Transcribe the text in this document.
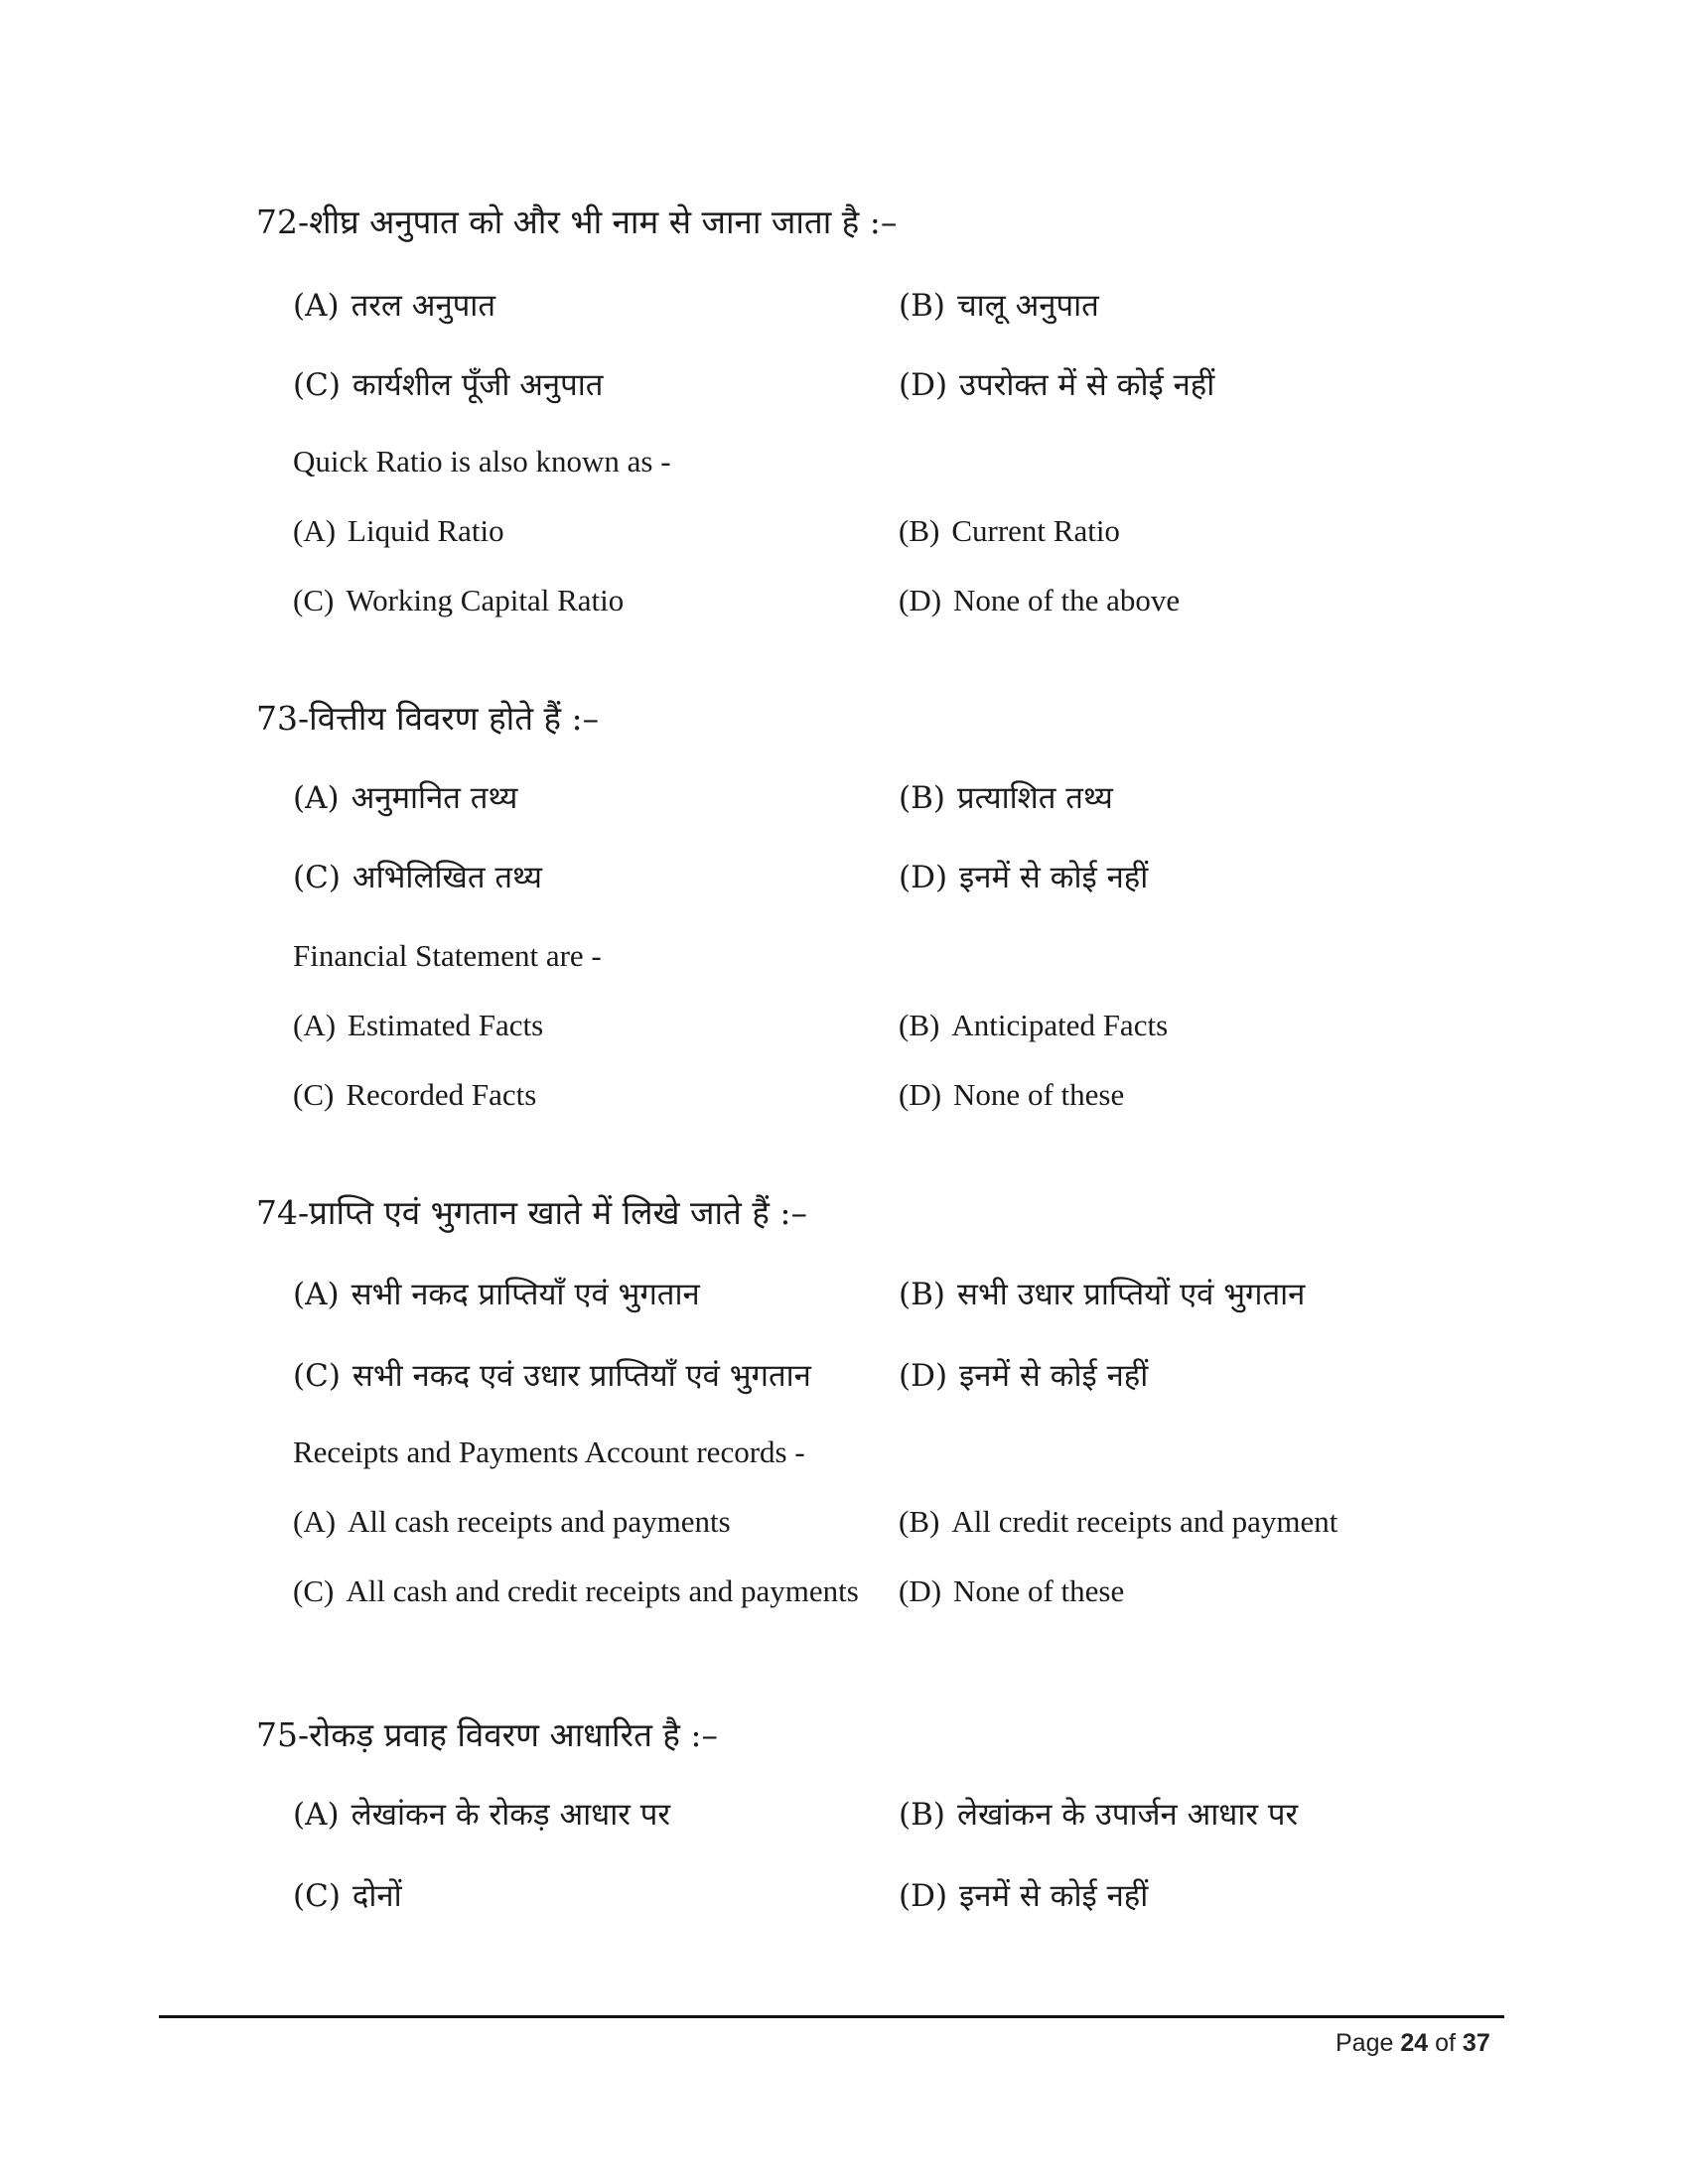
72-शीघ्र अनुपात को और भी नाम से जाना जाता है :–
(A) तरल अनुपात	(B) चालू अनुपात
(C) कार्यशील पूँजी अनुपात	(D) उपरोक्त में से कोई नहीं
Quick Ratio is also known as -
(A) Liquid Ratio	(B) Current Ratio
(C) Working Capital Ratio	(D) None of the above
73-वित्तीय विवरण होते हैं :–
(A) अनुमानित तथ्य	(B) प्रत्याशित तथ्य
(C) अभिलिखित तथ्य	(D) इनमें से कोई नहीं
Financial Statement are -
(A) Estimated Facts	(B) Anticipated Facts
(C) Recorded Facts	(D) None of these
74-प्राप्ति एवं भुगतान खाते में लिखे जाते हैं :–
(A) सभी नकद प्राप्तियाँ एवं भुगतान	(B) सभी उधार प्राप्तियों एवं भुगतान
(C) सभी नकद एवं उधार प्राप्तियाँ एवं भुगतान	(D) इनमें से कोई नहीं
Receipts and Payments Account records -
(A) All cash receipts and payments	(B) All credit receipts and payment
(C) All cash and credit receipts and payments (D) None of these
75-रोकड़ प्रवाह विवरण आधारित है :–
(A) लेखांकन के रोकड़ आधार पर	(B) लेखांकन के उपार्जन आधार पर
(C) दोनों	(D) इनमें से कोई नहीं
Page 24 of 37
